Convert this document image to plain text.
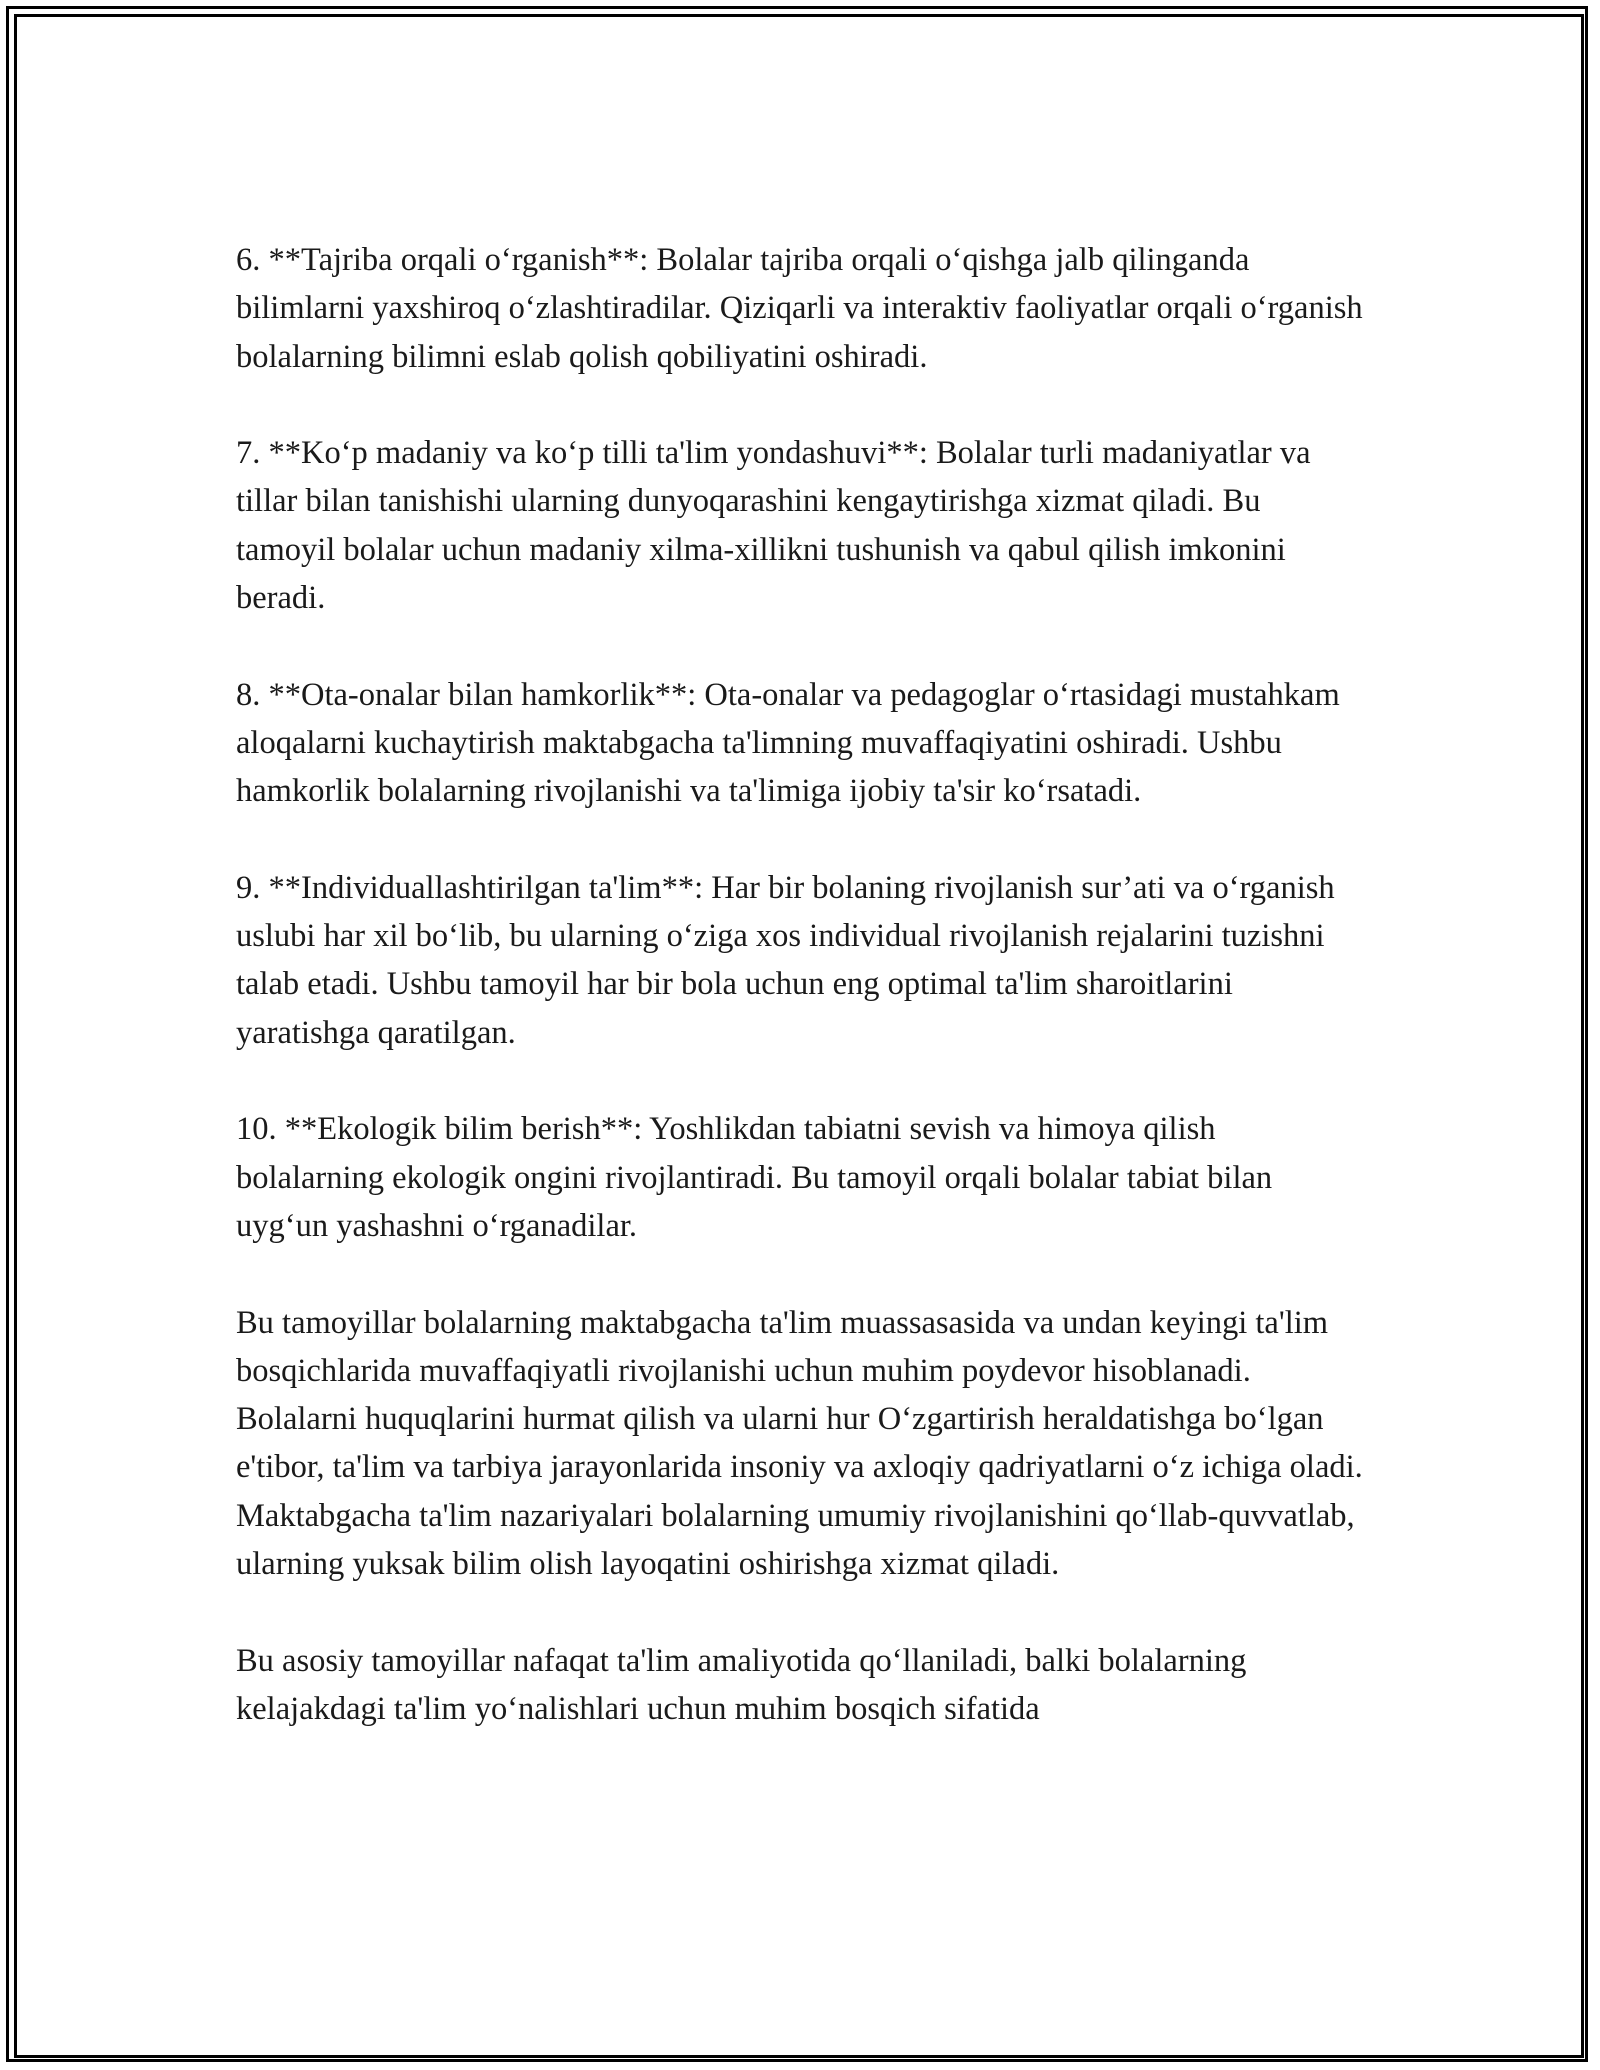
6. **Tajriba orqali o‘rganish**: Bolalar tajriba orqali o‘qishga jalb qilinganda bilimlarni yaxshiroq o‘zlashtiradilar. Qiziqarli va interaktiv faoliyatlar orqali o‘rganish bolalarning bilimni eslab qolish qobiliyatini oshiradi.

7. **Ko‘p madaniy va ko‘p tilli ta'lim yondashuvi**: Bolalar turli madaniyatlar va tillar bilan tanishishi ularning dunyoqarashini kengaytirishga xizmat qiladi. Bu tamoyil bolalar uchun madaniy xilma-xillikni tushunish va qabul qilish imkonini beradi.

8. **Ota-onalar bilan hamkorlik**: Ota-onalar va pedagoglar o‘rtasidagi mustahkam aloqalarni kuchaytirish maktabgacha ta'limning muvaffaqiyatini oshiradi. Ushbu hamkorlik bolalarning rivojlanishi va ta'limiga ijobiy ta'sir ko‘rsatadi.

9. **Individuallashtirilgan ta'lim**: Har bir bolaning rivojlanish sur’ati va o‘rganish uslubi har xil bo‘lib, bu ularning o‘ziga xos individual rivojlanish rejalarini tuzishni talab etadi. Ushbu tamoyil har bir bola uchun eng optimal ta'lim sharoitlarini yaratishga qaratilgan.

10. **Ekologik bilim berish**: Yoshlikdan tabiatni sevish va himoya qilish bolalarning ekologik ongini rivojlantiradi. Bu tamoyil orqali bolalar tabiat bilan uyg‘un yashashni o‘rganadilar.

Bu tamoyillar bolalarning maktabgacha ta'lim muassasasida va undan keyingi ta'lim bosqichlarida muvaffaqiyatli rivojlanishi uchun muhim poydevor hisoblanadi. Bolalarni huquqlarini hurmat qilish va ularni hur O‘zgartirish heraldatishga bo‘lgan e'tibor, ta'lim va tarbiya jarayonlarida insoniy va axloqiy qadriyatlarni o‘z ichiga oladi. Maktabgacha ta'lim nazariyalari bolalarning umumiy rivojlanishini qo‘llab-quvvatlab, ularning yuksak bilim olish layoqatini oshirishga xizmat qiladi.

Bu asosiy tamoyillar nafaqat ta'lim amaliyotida qo‘llaniladi, balki bolalarning kelajakdagi ta'lim yo‘nalishlari uchun muhim bosqich sifatida
